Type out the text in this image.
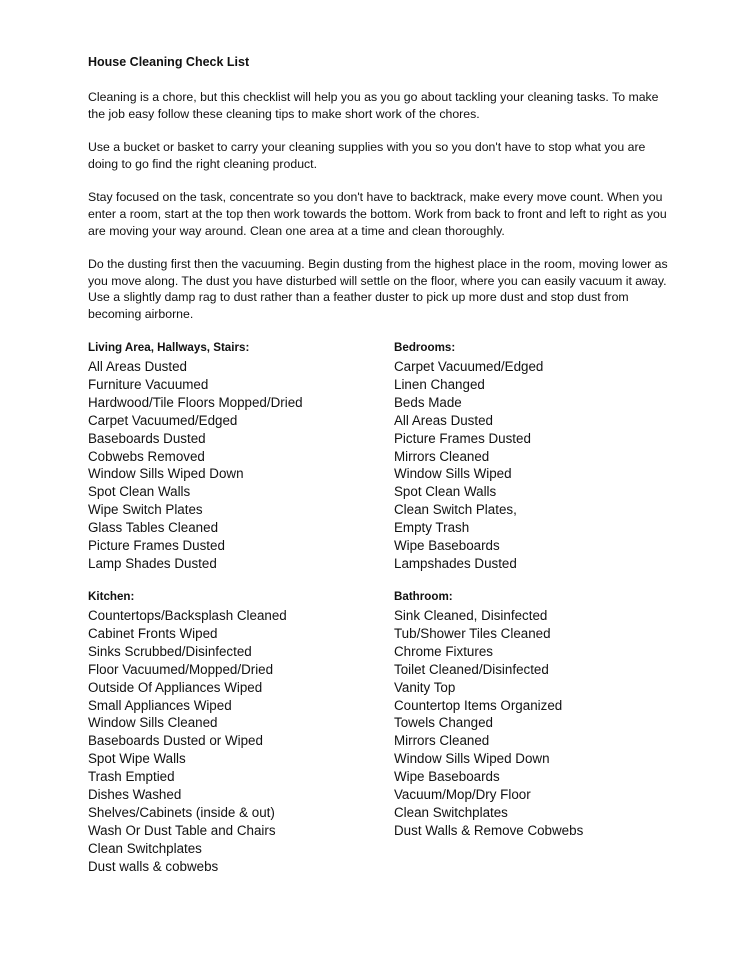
House Cleaning Check List

Cleaning is a chore, but this checklist will help you as you go about tackling your cleaning tasks. To make the job easy follow these cleaning tips to make short work of the chores.

Use a bucket or basket to carry your cleaning supplies with you so you don't have to stop what you are doing to go find the right cleaning product.

Stay focused on the task, concentrate so you don't have to backtrack, make every move count. When you enter a room, start at the top then work towards the bottom. Work from back to front and left to right as you are moving your way around. Clean one area at a time and clean thoroughly.

Do the dusting first then the vacuuming. Begin dusting from the highest place in the room, moving lower as you move along. The dust you have disturbed will settle on the floor, where you can easily vacuum it away. Use a slightly damp rag to dust rather than a feather duster to pick up more dust and stop dust from becoming airborne.

Living Area, Hallways, Stairs:

All Areas Dusted

Furniture Vacuumed

Hardwood/Tile Floors Mopped/Dried

Carpet Vacuumed/Edged

Baseboards Dusted

Cobwebs Removed

Window Sills Wiped Down

Spot Clean Walls

Wipe Switch Plates

Glass Tables Cleaned

Picture Frames Dusted

Lamp Shades Dusted

Bedrooms:

Carpet Vacuumed/Edged

Linen Changed

Beds Made

All Areas Dusted

Picture Frames Dusted

Mirrors Cleaned

Window Sills Wiped

Spot Clean Walls

Clean Switch Plates,

Empty Trash

Wipe Baseboards

Lampshades Dusted

Kitchen:

Countertops/Backsplash Cleaned

Cabinet Fronts Wiped

Sinks Scrubbed/Disinfected

Floor Vacuumed/Mopped/Dried

Outside Of Appliances Wiped

Small Appliances Wiped

Window Sills Cleaned

Baseboards Dusted or Wiped

Spot Wipe Walls

Trash Emptied

Dishes Washed

Shelves/Cabinets (inside & out)

Wash Or Dust Table and Chairs

Clean Switchplates

Dust walls & cobwebs

Bathroom:

Sink Cleaned, Disinfected

Tub/Shower Tiles Cleaned

Chrome Fixtures

Toilet Cleaned/Disinfected

Vanity Top

Countertop Items Organized

Towels Changed

Mirrors Cleaned

Window Sills Wiped Down

Wipe Baseboards

Vacuum/Mop/Dry Floor

Clean Switchplates

Dust Walls & Remove Cobwebs
